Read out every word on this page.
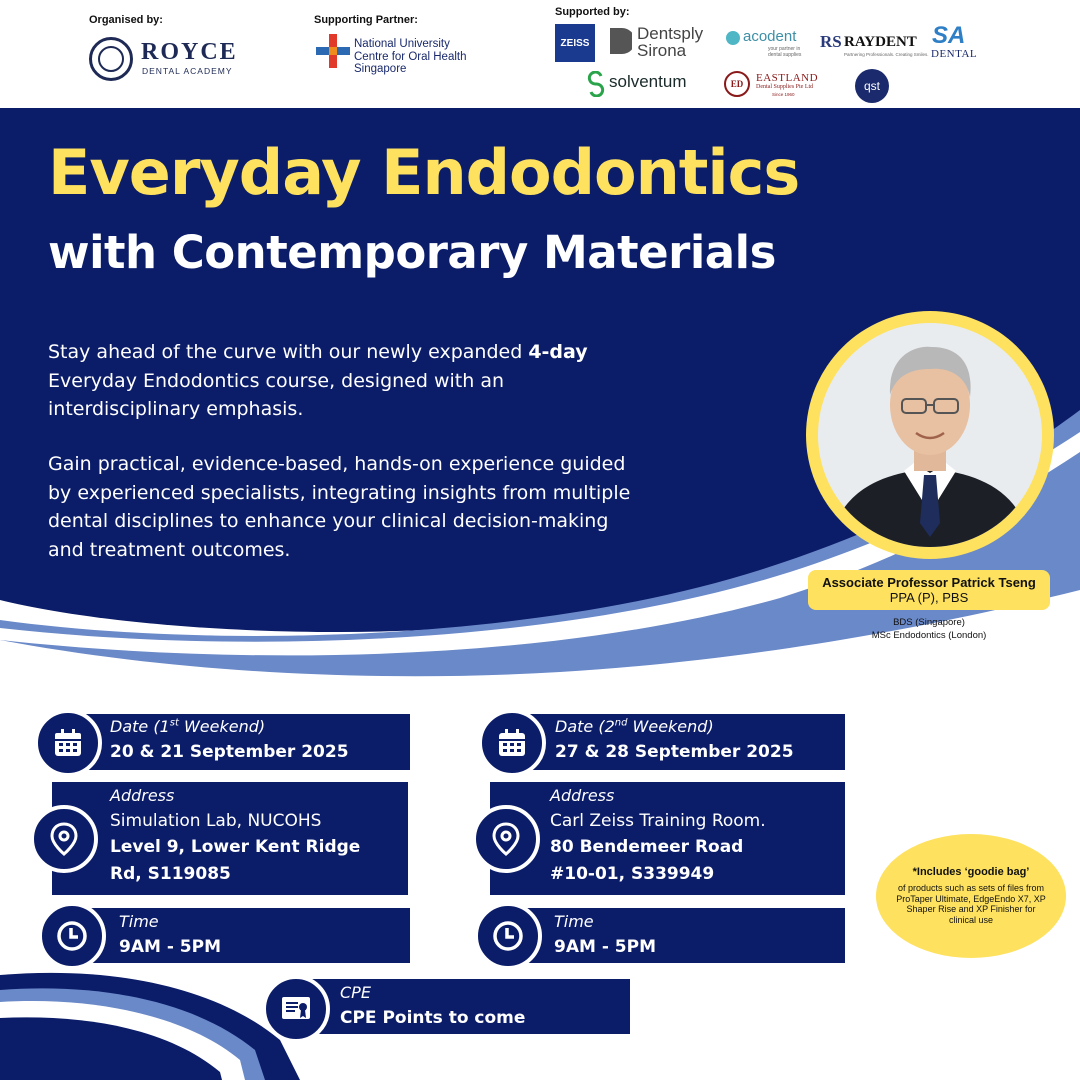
Organised by:
ROYCE
DENTAL ACADEMY
Supporting Partner:
National University
Centre for Oral Health
Singapore
Supported by:
ZEISS	Dentsply
Sirona
acodent
your partner in dental supplies
RS RAYDENT
Partnering Professionals. Creating Smiles.
SA
DENTAL
solventum	ED	EASTLAND
Dental Supplies Pte Ltd
Since 1960
qst
Everyday Endodontics
with Contemporary Materials
Stay ahead of the curve with our newly expanded 4-day Everyday Endodontics course, designed with an interdisciplinary emphasis.
Gain practical, evidence-based, hands-on experience guided by experienced specialists, integrating insights from multiple dental disciplines to enhance your clinical decision-making and treatment outcomes.
Associate Professor Patrick Tseng
PPA (P), PBS
BDS (Singapore)
MSc Endodontics (London)
Date (1st Weekend)
20 & 21 September 2025
Address
Simulation Lab, NUCOHS
Level 9, Lower Kent Ridge
Rd, S119085
Time
9AM - 5PM
Date (2nd Weekend)
27 & 28 September 2025
Address
Carl Zeiss Training Room.
80 Bendemeer Road
#10-01, S339949
Time
9AM - 5PM
CPE
CPE Points to come
*Includes ‘goodie bag’
of products such as sets of files from ProTaper Ultimate, EdgeEndo X7, XP Shaper Rise and XP Finisher for clinical use
